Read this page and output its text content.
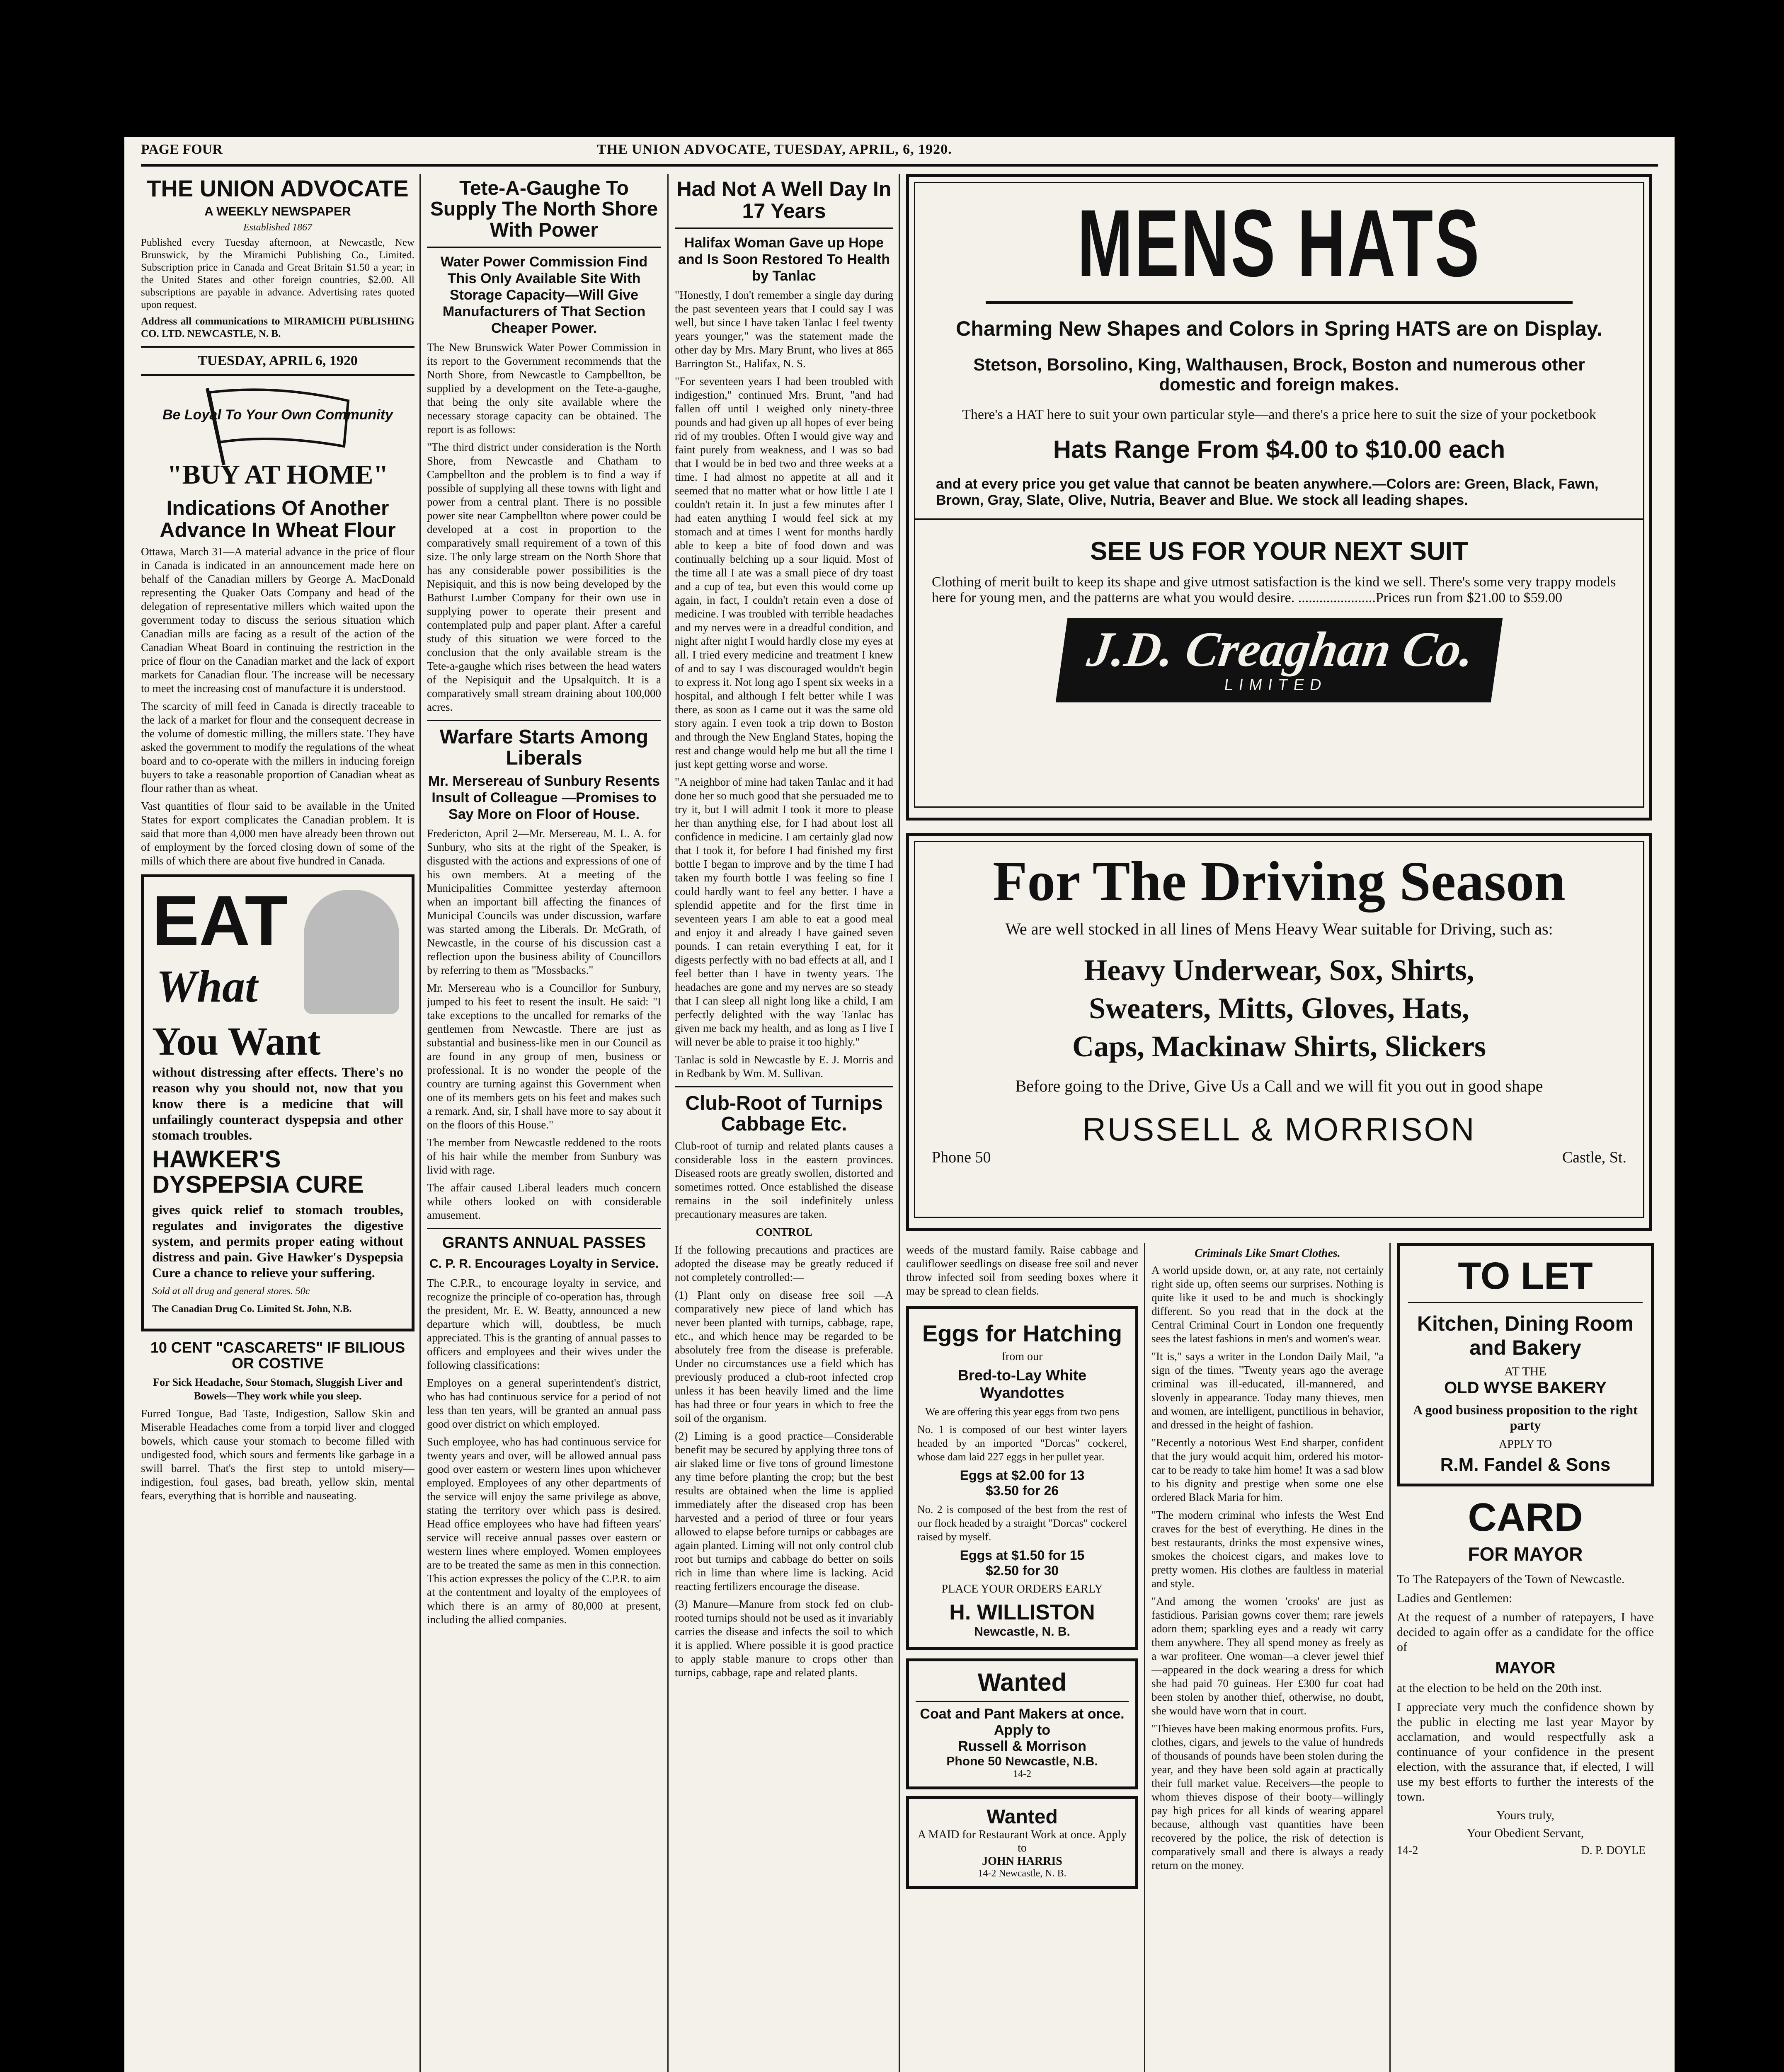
PAGE FOUR	THE UNION ADVOCATE, TUESDAY, APRIL, 6, 1920.
THE UNION ADVOCATE
A WEEKLY NEWSPAPER
Established 1867

Published every Tuesday afternoon, at Newcastle, New Brunswick, by the Miramichi Publishing Co., Limited. Subscription price in Canada and Great Britain $1.50 a year; in the United States and other foreign countries, $2.00. All subscriptions are payable in advance. Advertising rates quoted upon request.

Address all communications to MIRAMICHI PUBLISHING CO. LTD. NEWCASTLE, N. B.

TUESDAY, APRIL 6, 1920
Be Loyal To Your Own Community
"BUY AT HOME"
Indications Of Another Advance In Wheat Flour

Ottawa, March 31—A material advance in the price of flour in Canada is indicated in an announcement made here on behalf of the Canadian millers by George A. MacDonald representing the Quaker Oats Company and head of the delegation of representative millers which waited upon the government today to discuss the serious situation which Canadian mills are facing as a result of the action of the Canadian Wheat Board in continuing the restriction in the price of flour on the Canadian market and the lack of export markets for Canadian flour. The increase will be necessary to meet the increasing cost of manufacture it is understood.

The scarcity of mill feed in Canada is directly traceable to the lack of a market for flour and the consequent decrease in the volume of domestic milling, the millers state. They have asked the government to modify the regulations of the wheat board and to co-operate with the millers in inducing foreign buyers to take a reasonable proportion of Canadian wheat as flour rather than as wheat.

Vast quantities of flour said to be available in the United States for export complicates the Canadian problem. It is said that more than 4,000 men have already been thrown out of employment by the forced closing down of some of the mills of which there are about five hundred in Canada.

EAT
What
You Want

without distressing after effects. There's no reason why you should not, now that you know there is a medicine that will unfailingly counteract dyspepsia and other stomach troubles.

HAWKER'S DYSPEPSIA CURE

gives quick relief to stomach troubles, regulates and invigorates the digestive system, and permits proper eating without distress and pain. Give Hawker's Dyspepsia Cure a chance to relieve your suffering.

Sold at all drug and general stores. 50c

The Canadian Drug Co. Limited St. John, N.B.

10 CENT "CASCARETS" IF BILIOUS OR COSTIVE

For Sick Headache, Sour Stomach, Sluggish Liver and Bowels—They work while you sleep.

Furred Tongue, Bad Taste, Indigestion, Sallow Skin and Miserable Headaches come from a torpid liver and clogged bowels, which cause your stomach to become filled with undigested food, which sours and ferments like garbage in a swill barrel. That's the first step to untold misery—indigestion, foul gases, bad breath, yellow skin, mental fears, everything that is horrible and nauseating.

Tete-A-Gaughe To Supply The North Shore With Power
Water Power Commission Find This Only Available Site With Storage Capacity—Will Give Manufacturers of That Section Cheaper Power.

The New Brunswick Water Power Commission in its report to the Government recommends that the North Shore, from Newcastle to Campbellton, be supplied by a development on the Tete-a-gaughe, that being the only site available where the necessary storage capacity can be obtained. The report is as follows:

"The third district under consideration is the North Shore, from Newcastle and Chatham to Campbellton and the problem is to find a way if possible of supplying all these towns with light and power from a central plant. There is no possible power site near Campbellton where power could be developed at a cost in proportion to the comparatively small requirement of a town of this size. The only large stream on the North Shore that has any considerable power possibilities is the Nepisiquit, and this is now being developed by the Bathurst Lumber Company for their own use in supplying power to operate their present and contemplated pulp and paper plant. After a careful study of this situation we were forced to the conclusion that the only available stream is the Tete-a-gaughe which rises between the head waters of the Nepisiquit and the Upsalquitch. It is a comparatively small stream draining about 100,000 acres.

Warfare Starts Among Liberals
Mr. Mersereau of Sunbury Resents Insult of Colleague —Promises to Say More on Floor of House.

Fredericton, April 2—Mr. Mersereau, M. L. A. for Sunbury, who sits at the right of the Speaker, is disgusted with the actions and expressions of one of his own members. At a meeting of the Municipalities Committee yesterday afternoon when an important bill affecting the finances of Municipal Councils was under discussion, warfare was started among the Liberals. Dr. McGrath, of Newcastle, in the course of his discussion cast a reflection upon the business ability of Councillors by referring to them as "Mossbacks."

Mr. Mersereau who is a Councillor for Sunbury, jumped to his feet to resent the insult. He said: "I take exceptions to the uncalled for remarks of the gentlemen from Newcastle. There are just as substantial and business-like men in our Council as are found in any group of men, business or professional. It is no wonder the people of the country are turning against this Government when one of its members gets on his feet and makes such a remark. And, sir, I shall have more to say about it on the floors of this House."

The member from Newcastle reddened to the roots of his hair while the member from Sunbury was livid with rage.

The affair caused Liberal leaders much concern while others looked on with considerable amusement.

GRANTS ANNUAL PASSES
C. P. R. Encourages Loyalty in Service.

The C.P.R., to encourage loyalty in service, and recognize the principle of co-operation has, through the president, Mr. E. W. Beatty, announced a new departure which will, doubtless, be much appreciated. This is the granting of annual passes to officers and employees and their wives under the following classifications:

Employes on a general superintendent's district, who has had continuous service for a period of not less than ten years, will be granted an annual pass good over district on which employed.

Such employee, who has had continuous service for twenty years and over, will be allowed annual pass good over eastern or western lines upon whichever employed. Employees of any other departments of the service will enjoy the same privilege as above, stating the territory over which pass is desired. Head office employees who have had fifteen years' service will receive annual passes over eastern or western lines where employed. Women employees are to be treated the same as men in this connection. This action expresses the policy of the C.P.R. to aim at the contentment and loyalty of the employees of which there is an army of 80,000 at present, including the allied companies.

Had Not A Well Day In 17 Years
Halifax Woman Gave up Hope and Is Soon Restored To Health by Tanlac

"Honestly, I don't remember a single day during the past seventeen years that I could say I was well, but since I have taken Tanlac I feel twenty years younger," was the statement made the other day by Mrs. Mary Brunt, who lives at 865 Barrington St., Halifax, N. S.

"For seventeen years I had been troubled with indigestion," continued Mrs. Brunt, "and had fallen off until I weighed only ninety-three pounds and had given up all hopes of ever being rid of my troubles. Often I would give way and faint purely from weakness, and I was so bad that I would be in bed two and three weeks at a time. I had almost no appetite at all and it seemed that no matter what or how little I ate I couldn't retain it. In just a few minutes after I had eaten anything I would feel sick at my stomach and at times I went for months hardly able to keep a bite of food down and was continually belching up a sour liquid. Most of the time all I ate was a small piece of dry toast and a cup of tea, but even this would come up again, in fact, I couldn't retain even a dose of medicine. I was troubled with terrible headaches and my nerves were in a dreadful condition, and night after night I would hardly close my eyes at all. I tried every medicine and treatment I knew of and to say I was discouraged wouldn't begin to express it. Not long ago I spent six weeks in a hospital, and although I felt better while I was there, as soon as I came out it was the same old story again. I even took a trip down to Boston and through the New England States, hoping the rest and change would help me but all the time I just kept getting worse and worse.

"A neighbor of mine had taken Tanlac and it had done her so much good that she persuaded me to try it, but I will admit I took it more to please her than anything else, for I had about lost all confidence in medicine. I am certainly glad now that I took it, for before I had finished my first bottle I began to improve and by the time I had taken my fourth bottle I was feeling so fine I could hardly want to feel any better. I have a splendid appetite and for the first time in seventeen years I am able to eat a good meal and enjoy it and already I have gained seven pounds. I can retain everything I eat, for it digests perfectly with no bad effects at all, and I feel better than I have in twenty years. The headaches are gone and my nerves are so steady that I can sleep all night long like a child, I am perfectly delighted with the way Tanlac has given me back my health, and as long as I live I will never be able to praise it too highly."

Tanlac is sold in Newcastle by E. J. Morris and in Redbank by Wm. M. Sullivan.

Club-Root of Turnips Cabbage Etc.

Club-root of turnip and related plants causes a considerable loss in the eastern provinces. Diseased roots are greatly swollen, distorted and sometimes rotted. Once established the disease remains in the soil indefinitely unless precautionary measures are taken.

CONTROL

If the following precautions and practices are adopted the disease may be greatly reduced if not completely controlled:—

(1) Plant only on disease free soil —A comparatively new piece of land which has never been planted with turnips, cabbage, rape, etc., and which hence may be regarded to be absolutely free from the disease is preferable. Under no circumstances use a field which has previously produced a club-root infected crop unless it has been heavily limed and the lime has had three or four years in which to free the soil of the organism.

(2) Liming is a good practice—Considerable benefit may be secured by applying three tons of air slaked lime or five tons of ground limestone any time before planting the crop; but the best results are obtained when the lime is applied immediately after the diseased crop has been harvested and a period of three or four years allowed to elapse before turnips or cabbages are again planted. Liming will not only control club root but turnips and cabbage do better on soils rich in lime than where lime is lacking. Acid reacting fertilizers encourage the disease.

(3) Manure—Manure from stock fed on club-rooted turnips should not be used as it invariably carries the disease and infects the soil to which it is applied. Where possible it is good practice to apply stable manure to crops other than turnips, cabbage, rape and related plants.

MENS HATS
Charming New Shapes and Colors in Spring HATS are on Display.
Stetson, Borsolino, King, Walthausen, Brock, Boston and numerous other domestic and foreign makes.
There's a HAT here to suit your own particular style—and there's a price here to suit the size of your pocketbook
Hats Range From $4.00 to $10.00 each
and at every price you get value that cannot be beaten anywhere.—Colors are: Green, Black, Fawn, Brown, Gray, Slate, Olive, Nutria, Beaver and Blue. We stock all leading shapes.
SEE US FOR YOUR NEXT SUIT
Clothing of merit built to keep its shape and give utmost satisfaction is the kind we sell. There's some very trappy models here for young men, and the patterns are what you would desire. ......................Prices run from $21.00 to $59.00
J.D. Creaghan Co.
LIMITED
For The Driving Season
We are well stocked in all lines of Mens Heavy Wear suitable for Driving, such as:
Heavy Underwear, Sox, Shirts,
Sweaters, Mitts, Gloves, Hats,
Caps, Mackinaw Shirts, Slickers
Before going to the Drive, Give Us a Call and we will fit you out in good shape
RUSSELL & MORRISON
Phone 50	Castle, St.

weeds of the mustard family. Raise cabbage and cauliflower seedlings on disease free soil and never throw infected soil from seeding boxes where it may be spread to clean fields.

Eggs for Hatching
from our
Bred-to-Lay White Wyandottes

We are offering this year eggs from two pens

No. 1 is composed of our best winter layers headed by an imported "Dorcas" cockerel, whose dam laid 227 eggs in her pullet year.

Eggs at $2.00 for 13
$3.50 for 26

No. 2 is composed of the best from the rest of our flock headed by a straight "Dorcas" cockerel raised by myself.

Eggs at $1.50 for 15
$2.50 for 30
PLACE YOUR ORDERS EARLY
H. WILLISTON
Newcastle, N. B.
Wanted
Coat and Pant Makers at once. Apply to
Russell & Morrison
Phone 50 Newcastle, N.B.
14-2
Wanted
A MAID for Restaurant Work at once. Apply to
JOHN HARRIS
14-2 Newcastle, N. B.
Criminals Like Smart Clothes.

A world upside down, or, at any rate, not certainly right side up, often seems our surprises. Nothing is quite like it used to be and much is shockingly different. So you read that in the dock at the Central Criminal Court in London one frequently sees the latest fashions in men's and women's wear.

"It is," says a writer in the London Daily Mail, "a sign of the times. "Twenty years ago the average criminal was ill-educated, ill-mannered, and slovenly in appearance. Today many thieves, men and women, are intelligent, punctilious in behavior, and dressed in the height of fashion.

"Recently a notorious West End sharper, confident that the jury would acquit him, ordered his motor-car to be ready to take him home! It was a sad blow to his dignity and prestige when some one else ordered Black Maria for him.

"The modern criminal who infests the West End craves for the best of everything. He dines in the best restaurants, drinks the most expensive wines, smokes the choicest cigars, and makes love to pretty women. His clothes are faultless in material and style.

"And among the women 'crooks' are just as fastidious. Parisian gowns cover them; rare jewels adorn them; sparkling eyes and a ready wit carry them anywhere. They all spend money as freely as a war profiteer. One woman—a clever jewel thief—appeared in the dock wearing a dress for which she had paid 70 guineas. Her £300 fur coat had been stolen by another thief, otherwise, no doubt, she would have worn that in court.

"Thieves have been making enormous profits. Furs, clothes, cigars, and jewels to the value of hundreds of thousands of pounds have been stolen during the year, and they have been sold again at practically their full market value. Receivers—the people to whom thieves dispose of their booty—willingly pay high prices for all kinds of wearing apparel because, although vast quantities have been recovered by the police, the risk of detection is comparatively small and there is always a ready return on the money.

TO LET
Kitchen, Dining Room and Bakery
AT THE
OLD WYSE BAKERY
A good business proposition to the right party
APPLY TO
R.M. Fandel & Sons
CARD
FOR MAYOR

To The Ratepayers of the Town of Newcastle.

Ladies and Gentlemen:

At the request of a number of ratepayers, I have decided to again offer as a candidate for the office of

MAYOR

at the election to be held on the 20th inst.

I appreciate very much the confidence shown by the public in electing me last year Mayor by acclamation, and would respectfully ask a continuance of your confidence in the present election, with the assurance that, if elected, I will use my best efforts to further the interests of the town.

Yours truly,

Your Obedient Servant,

14-2	D. P. DOYLE
